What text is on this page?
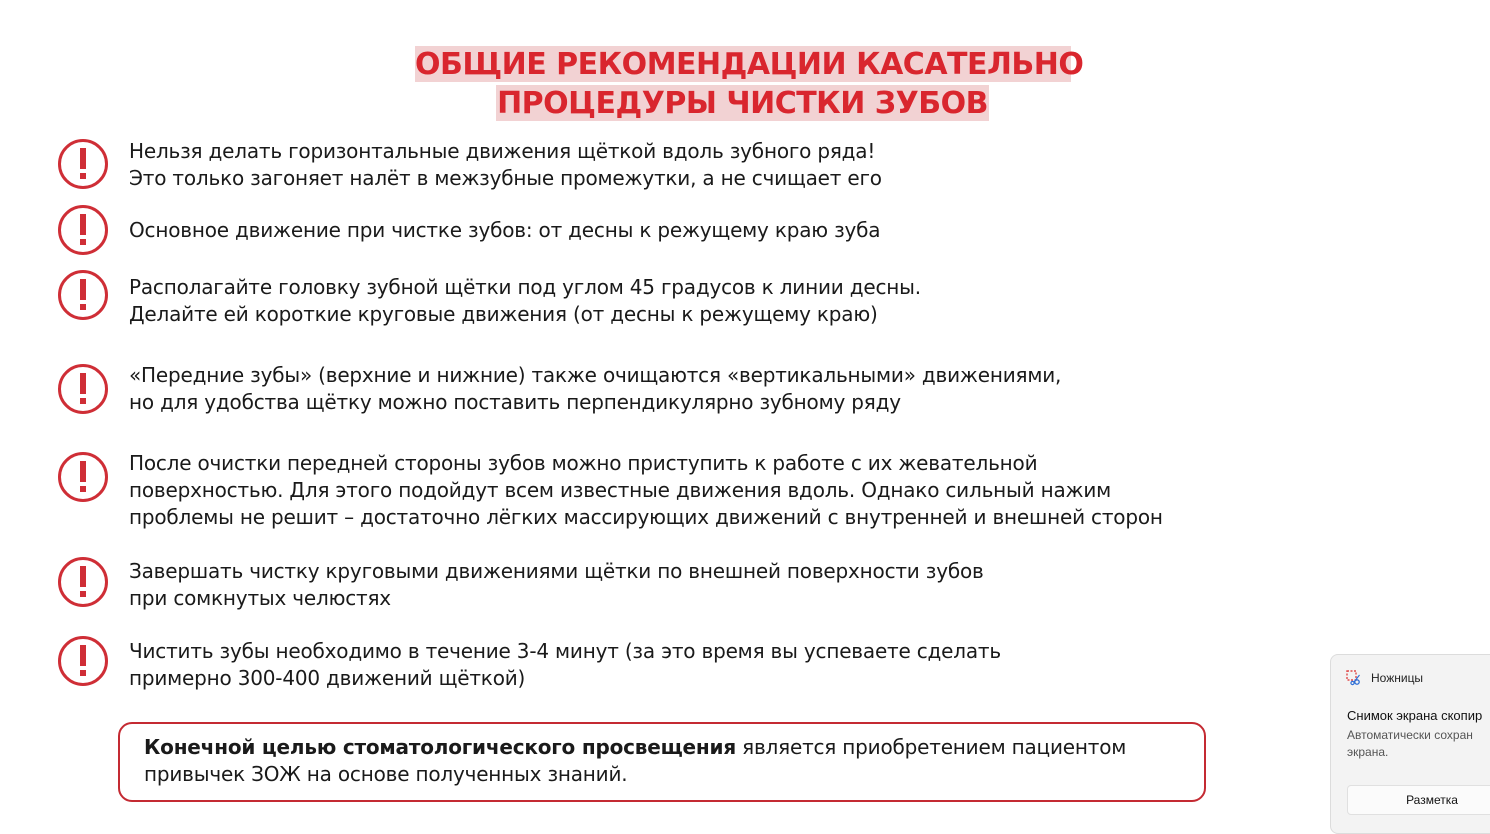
ОБЩИЕ РЕКОМЕНДАЦИИ КАСАТЕЛЬНО
ПРОЦЕДУРЫ ЧИСТКИ ЗУБОВ
Нельзя делать горизонтальные движения щёткой вдоль зубного ряда!
Это только загоняет налёт в межзубные промежутки, а не счищает его
Основное движение при чистке зубов: от десны к режущему краю зуба
Располагайте головку зубной щётки под углом 45 градусов к линии десны.
Делайте ей короткие круговые движения (от десны к режущему краю)
«Передние зубы» (верхние и нижние) также очищаются «вертикальными» движениями,
но для удобства щётку можно поставить перпендикулярно зубному ряду
После очистки передней стороны зубов можно приступить к работе с их жевательной
поверхностью. Для этого подойдут всем известные движения вдоль. Однако сильный нажим
проблемы не решит – достаточно лёгких массирующих движений с внутренней и внешней сторон
Завершать чистку круговыми движениями щётки по внешней поверхности зубов
при сомкнутых челюстях
Чистить зубы необходимо в течение 3-4 минут (за это время вы успеваете сделать
примерно 300-400 движений щёткой)
Конечной целью стоматологического просвещения является приобретением пациентом
привычек ЗОЖ на основе полученных знаний.
Ножницы
Снимок экрана скопир
Автоматически сохран
экрана.
Разметка
